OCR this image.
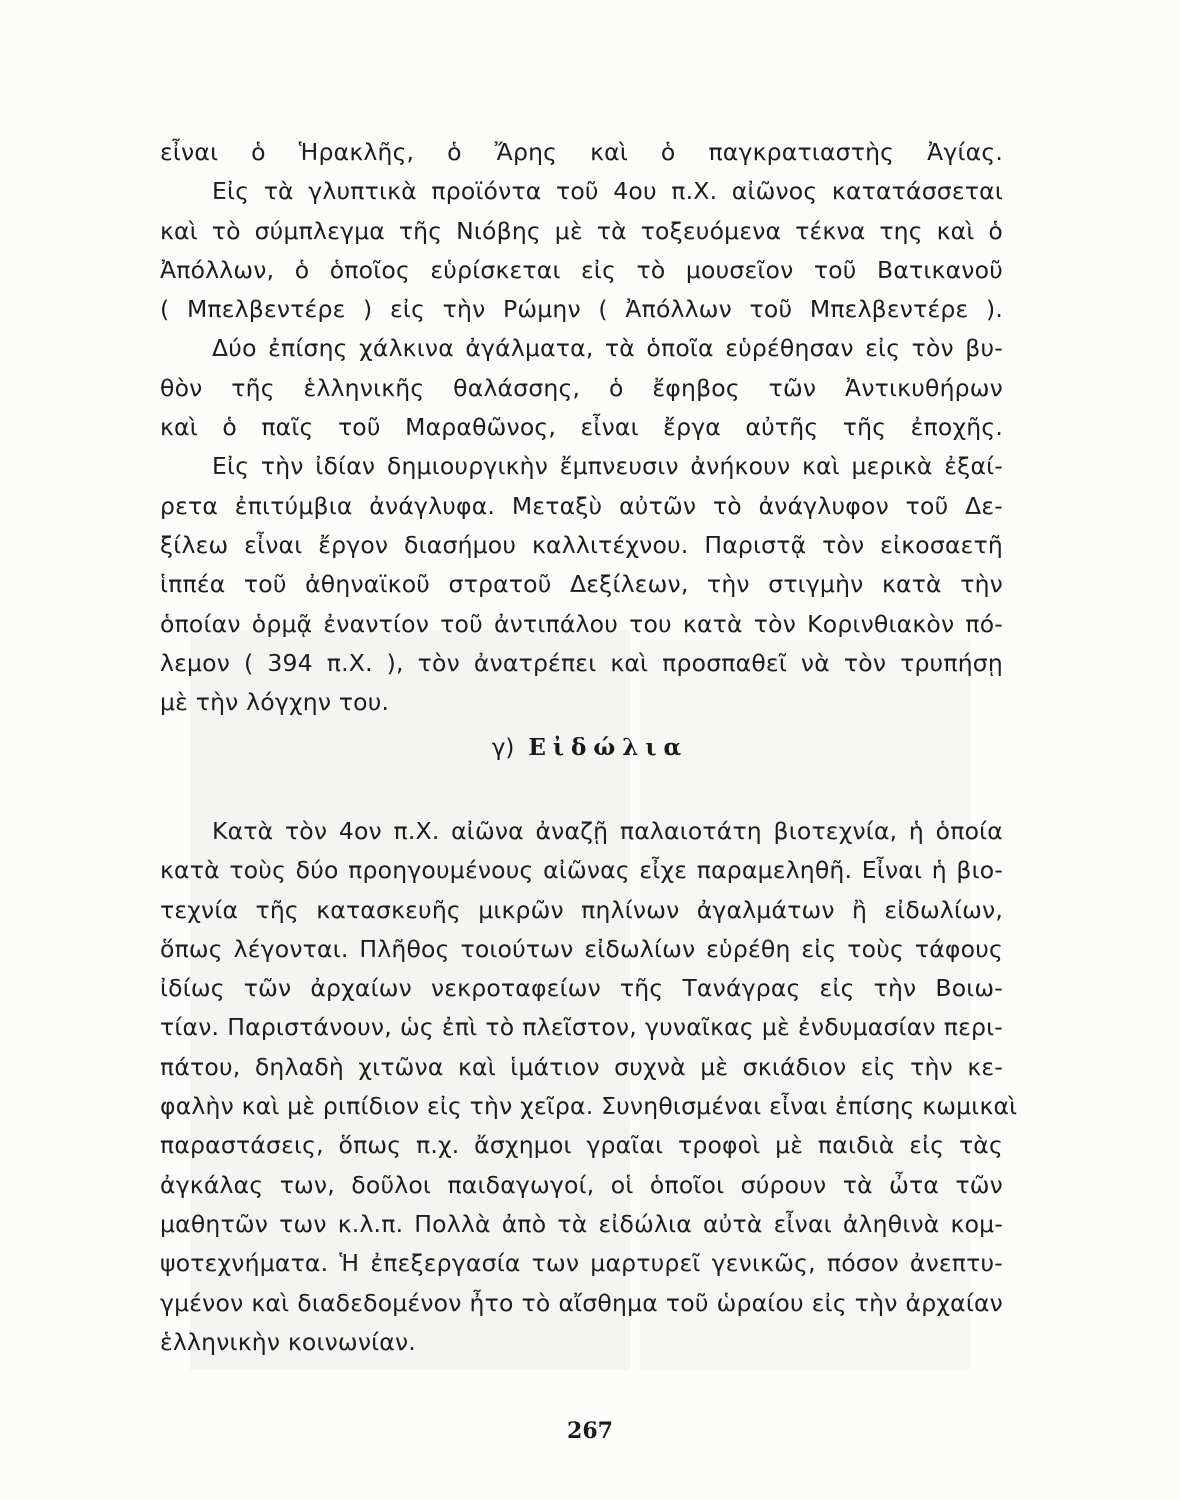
εἶναι ὁ Ἡρακλῆς, ὁ Ἄρης καὶ ὁ παγκρατιαστὴς Ἀγίας.
Εἰς τὰ γλυπτικὰ προϊόντα τοῦ 4ου π.Χ. αἰῶνος κατατάσσεται
καὶ τὸ σύμπλεγμα τῆς Νιόβης μὲ τὰ τοξευόμενα τέκνα της καὶ ὁ
Ἀπόλλων, ὁ ὁποῖος εὑρίσκεται εἰς τὸ μουσεῖον τοῦ Βατικανοῦ
( Μπελβεντέρε ) εἰς τὴν Ρώμην ( Ἀπόλλων τοῦ Μπελβεντέρε ).
Δύο ἐπίσης χάλκινα ἀγάλματα, τὰ ὁποῖα εὑρέθησαν εἰς τὸν βυ-
θὸν τῆς ἑλληνικῆς θαλάσσης, ὁ ἔφηβος τῶν Ἀντικυθήρων
καὶ ὁ παῖς τοῦ Μαραθῶνος, εἶναι ἔργα αὐτῆς τῆς ἐποχῆς.
Εἰς τὴν ἰδίαν δημιουργικὴν ἔμπνευσιν ἀνήκουν καὶ μερικὰ ἐξαί-
ρετα ἐπιτύμβια ἀνάγλυφα. Μεταξὺ αὐτῶν τὸ ἀνάγλυφον τοῦ Δε-
ξίλεω εἶναι ἔργον διασήμου καλλιτέχνου. Παριστᾷ τὸν εἰκοσαετῆ
ἱππέα τοῦ ἀθηναϊκοῦ στρατοῦ Δεξίλεων, τὴν στιγμὴν κατὰ τὴν
ὁποίαν ὁρμᾷ ἐναντίον τοῦ ἀντιπάλου του κατὰ τὸν Κορινθιακὸν πό-
λεμον ( 394 π.Χ. ), τὸν ἀνατρέπει καὶ προσπαθεῖ νὰ τὸν τρυπήσῃ
μὲ τὴν λόγχην του.
γ) Εἰδώλια
Κατὰ τὸν 4ον π.Χ. αἰῶνα ἀναζῇ παλαιοτάτη βιοτεχνία, ἡ ὁποία
κατὰ τοὺς δύο προηγουμένους αἰῶνας εἶχε παραμεληθῆ. Εἶναι ἡ βιο-
τεχνία τῆς κατασκευῆς μικρῶν πηλίνων ἀγαλμάτων ἢ εἰδωλίων,
ὅπως λέγονται. Πλῆθος τοιούτων εἰδωλίων εὑρέθη εἰς τοὺς τάφους
ἰδίως τῶν ἀρχαίων νεκροταφείων τῆς Τανάγρας εἰς τὴν Βοιω-
τίαν. Παριστάνουν, ὡς ἐπὶ τὸ πλεῖστον, γυναῖκας μὲ ἐνδυμασίαν περι-
πάτου, δηλαδὴ χιτῶνα καὶ ἱμάτιον συχνὰ μὲ σκιάδιον εἰς τὴν κε-
φαλὴν καὶ μὲ ριπίδιον εἰς τὴν χεῖρα. Συνηθισμέναι εἶναι ἐπίσης κωμικαὶ
παραστάσεις, ὅπως π.χ. ἄσχημοι γραῖαι τροφοὶ μὲ παιδιὰ εἰς τὰς
ἀγκάλας των, δοῦλοι παιδαγωγοί, οἱ ὁποῖοι σύρουν τὰ ὦτα τῶν
μαθητῶν των κ.λ.π. Πολλὰ ἀπὸ τὰ εἰδώλια αὐτὰ εἶναι ἀληθινὰ κομ-
ψοτεχνήματα. Ἡ ἐπεξεργασία των μαρτυρεῖ γενικῶς, πόσον ἀνεπτυ-
γμένον καὶ διαδεδομένον ἦτο τὸ αἴσθημα τοῦ ὡραίου εἰς τὴν ἀρχαίαν
ἑλληνικὴν κοινωνίαν.
267
